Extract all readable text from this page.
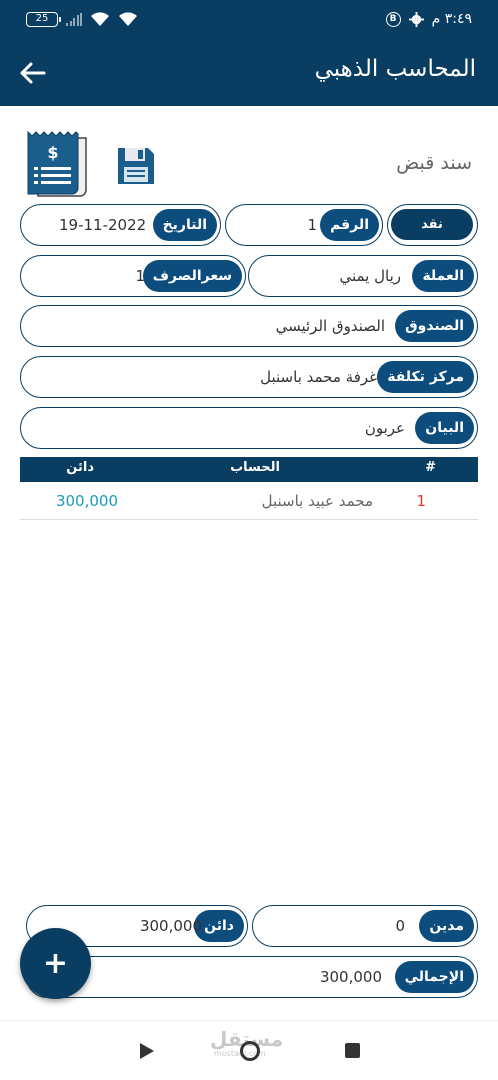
25	٣:٤٩ م
B
المحاسب الذهبي
$	سند قبض
نقد
الرقم
1
التاريخ
19-11-2022
العملة
ريال يمني
سعرالصرف
1
الصندوق
الصندوق الرئيسي
مركز تكلفة
غرفة محمد باسنبل
البيان
عربون
#
الحساب
دائن
1
محمد عبيد باسنبل
300,000
مدين
0
دائن
300,000
الإجمالي
300,000
+
مستقل
mostaql.com
